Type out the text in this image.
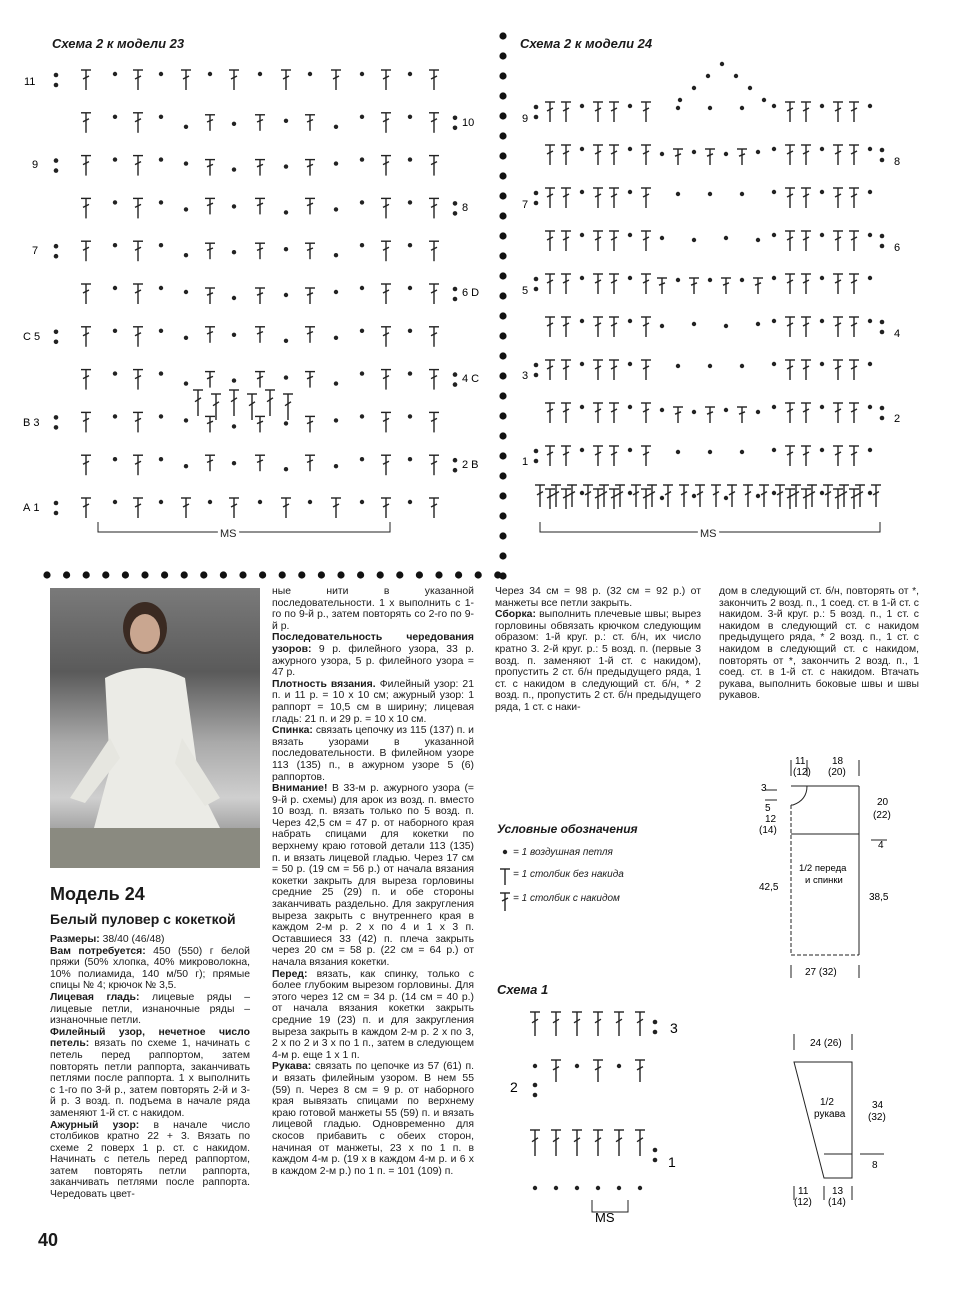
Схема 2 к модели 23
11
9
7
С 5
В 3
А 1
10
8
6 D
4 С
2 В
MS
Схема 2 к модели 24
9
7
5
3
1
8
6
4
2
MS
Модель 24
Белый пуловер с кокеткой

Размеры: 38/40 (46/48)

Вам потребуется: 450 (550) г белой пряжи (50% хлопка, 40% микроволокна, 10% полиамида, 140 м/50 г); прямые спицы № 4; крючок № 3,5.

Лицевая гладь: лицевые ряды – лицевые петли, изнаночные ряды – изнаночные петли.

Филейный узор, нечетное число петель: вязать по схеме 1, начинать с петель перед раппортом, затем повторять петли раппорта, заканчивать петлями после раппорта. 1 х выполнить с 1-го по 3-й р., затем повторять 2-й и 3-й р. 3 возд. п. подъема в начале ряда заменяют 1-й ст. с накидом.

Ажурный узор: в начале число столбиков кратно 22 + 3. Вязать по схеме 2 поверх 1 р. ст. с накидом. Начинать с петель перед раппортом, затем повторять петли раппорта, заканчивать петлями после раппорта. Чередовать цвет-

ные нити в указанной последовательности. 1 х выполнить с 1-го по 9-й р., затем повторять со 2-го по 9-й р.

Последовательность чередования узоров: 9 р. филейного узора, 33 р. ажурного узора, 5 р. филейного узора = 47 р.

Плотность вязания. Филейный узор: 21 п. и 11 р. = 10 х 10 см; ажурный узор: 1 раппорт = 10,5 см в ширину; лицевая гладь: 21 п. и 29 р. = 10 х 10 см.

Спинка: связать цепочку из 115 (137) п. и вязать узорами в указанной последовательности. В филейном узоре 113 (135) п., в ажурном узоре 5 (6) раппортов.

Внимание! В 33-м р. ажурного узора (= 9-й р. схемы) для арок из возд. п. вместо 10 возд. п. вязать только по 5 возд. п. Через 42,5 см = 47 р. от наборного края набрать спицами для кокетки по верхнему краю готовой детали 113 (135) п. и вязать лицевой гладью. Через 17 см = 50 р. (19 см = 56 р.) от начала вязания кокетки закрыть для выреза горловины средние 25 (29) п. и обе стороны заканчивать раздельно. Для закругления выреза закрыть с внутреннего края в каждом 2-м р. 2 х по 4 и 1 х 3 п. Оставшиеся 33 (42) п. плеча закрыть через 20 см = 58 р. (22 см = 64 р.) от начала вязания кокетки.

Перед: вязать, как спинку, только с более глубоким вырезом горловины. Для этого через 12 см = 34 р. (14 см = 40 р.) от начала вязания кокетки закрыть средние 19 (23) п. и для закругления выреза закрыть в каждом 2-м р. 2 х по 3, 2 х по 2 и 3 х по 1 п., затем в следующем 4-м р. еще 1 х 1 п.

Рукава: связать по цепочке из 57 (61) п. и вязать филейным узором. В нем 55 (59) п. Через 8 см = 9 р. от наборного края вывязать спицами по верхнему краю готовой манжеты 55 (59) п. и вязать лицевой гладью. Одновременно для скосов прибавить с обеих сторон, начиная от манжеты, 23 х по 1 п. в каждом 4-м р. (19 х в каждом 4-м р. и 6 х в каждом 2-м р.) по 1 п. = 101 (109) п.

Через 34 см = 98 р. (32 см = 92 р.) от манжеты все петли закрыть.

Сборка: выполнить плечевые швы; вырез горловины обвязать крючком следующим образом: 1-й круг. р.: ст. б/н, их число кратно 3. 2-й круг. р.: 5 возд. п. (первые 3 возд. п. заменяют 1-й ст. с накидом), пропустить 2 ст. б/н предыдущего ряда, 1 ст. с накидом в следующий ст. б/н, * 2 возд. п., пропустить 2 ст. б/н предыдущего ряда, 1 ст. с наки-

дом в следующий ст. б/н, повторять от *, закончить 2 возд. п., 1 соед. ст. в 1-й ст. с накидом. 3-й круг. р.: 5 возд. п., 1 ст. с накидом в следующий ст. с накидом предыдущего ряда, * 2 возд. п., 1 ст. с накидом в следующий ст. с накидом, повторять от *, закончить 2 возд. п., 1 соед. ст. в 1-й ст. с накидом. Втачать рукава, выполнить боковые швы и швы рукавов.

Условные обозначения
= 1 воздушная петля
= 1 столбик без накида
= 1 столбик с накидом
Схема 1
3
2
1
MS
11
(12)
18
(20)
3
5
12
(14)
20
(22)
4
42,5
38,5
1/2 переда
и спинки
27 (32)
24 (26)
1/2
рукава
34
(32)
8
11
(12)
13
(14)
40
